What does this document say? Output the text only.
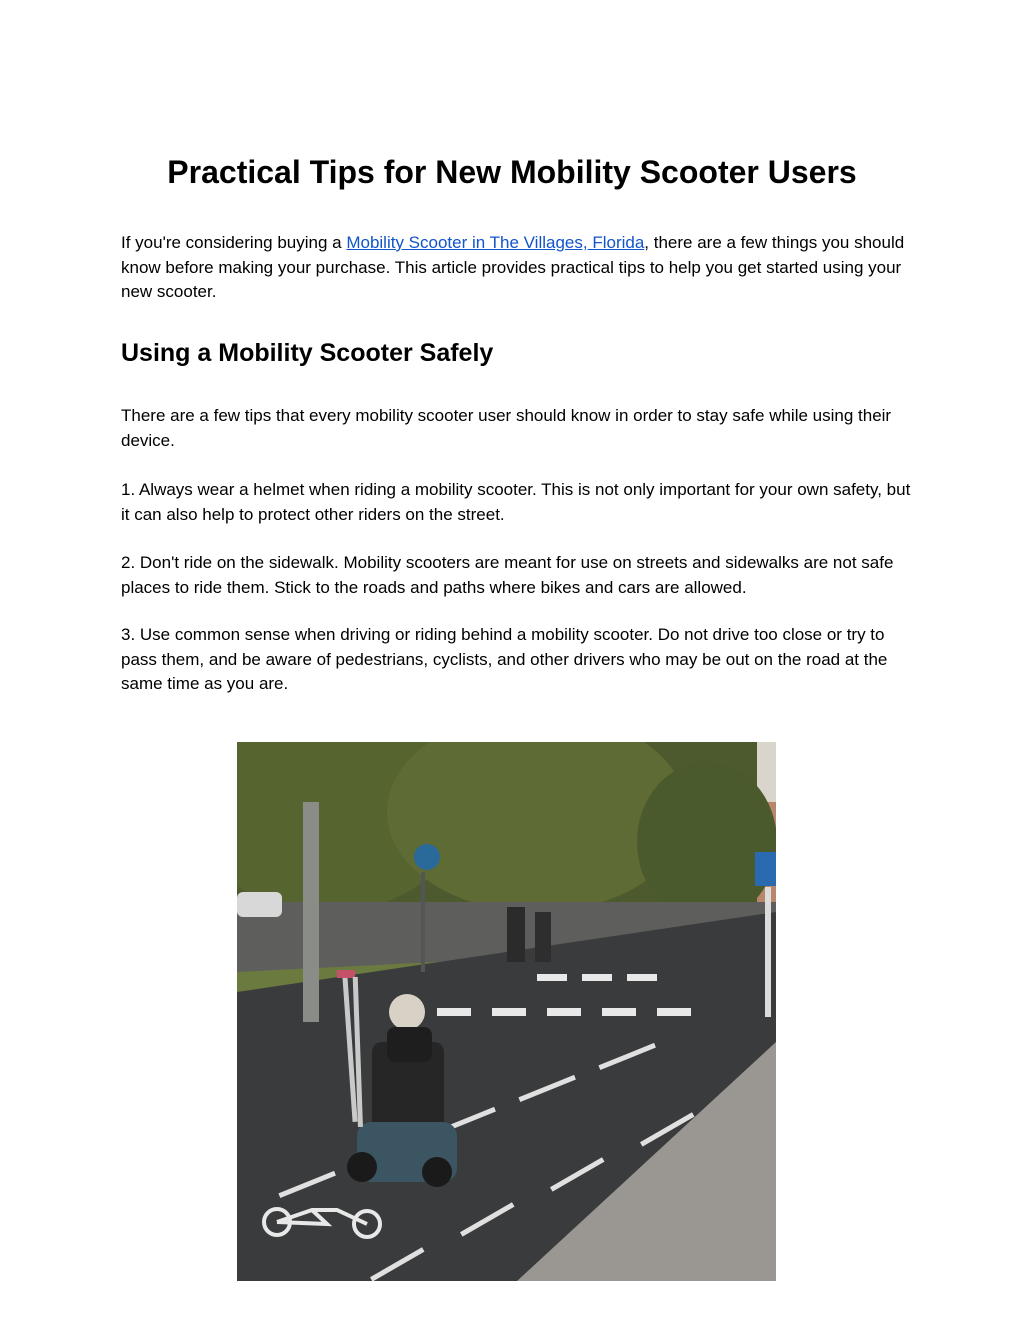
Practical Tips for New Mobility Scooter Users

If you're considering buying a Mobility Scooter in The Villages, Florida, there are a few things you should know before making your purchase. This article provides practical tips to help you get started using your new scooter.

Using a Mobility Scooter Safely

There are a few tips that every mobility scooter user should know in order to stay safe while using their device.

1. Always wear a helmet when riding a mobility scooter. This is not only important for your own safety, but it can also help to protect other riders on the street.

2. Don't ride on the sidewalk. Mobility scooters are meant for use on streets and sidewalks are not safe places to ride them. Stick to the roads and paths where bikes and cars are allowed.

3. Use common sense when driving or riding behind a mobility scooter. Do not drive too close or try to pass them, and be aware of pedestrians, cyclists, and other drivers who may be out on the road at the same time as you are.
